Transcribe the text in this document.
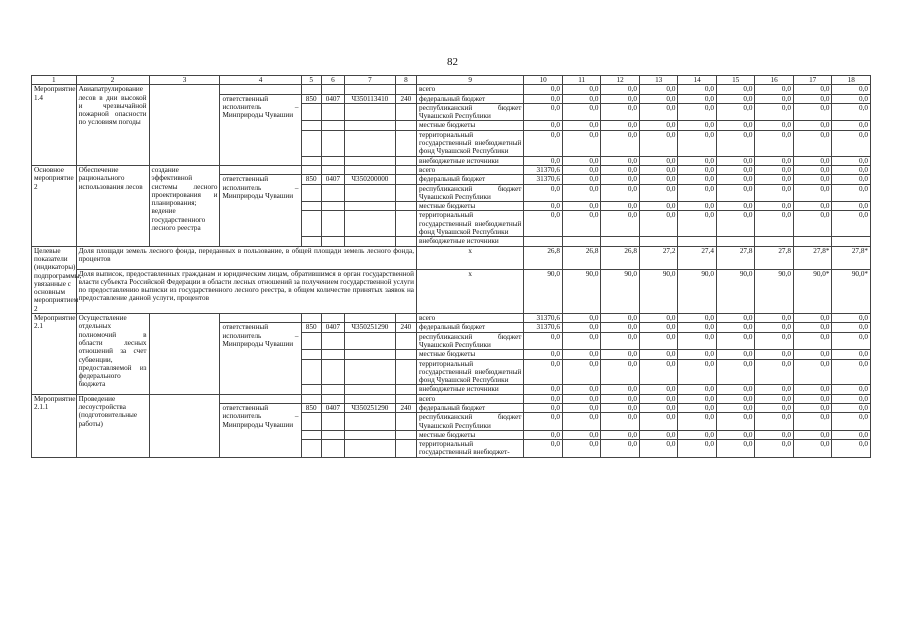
82
1	2	3	4	5	6	7	8	9	10	11	12	13	14	15	16	17	18
Мероприятие 1.4	Авиапатрулирование лесов в дни высокой и чрезвычайной пожарной опасности по условиям погоды							всего	0,0	0,0	0,0	0,0	0,0	0,0	0,0	0,0	0,0
			ответственный исполнитель – Минприроды Чувашии	850	0407	Ч350113410	240	федеральный бюджет	0,0	0,0	0,0	0,0	0,0	0,0	0,0	0,0	0,0
								республиканский бюджет Чувашской Республики	0,0	0,0	0,0	0,0	0,0	0,0	0,0	0,0	0,0
								местные бюджеты	0,0	0,0	0,0	0,0	0,0	0,0	0,0	0,0	0,0
								территориальный государственный внебюджетный фонд Чувашской Республики	0,0	0,0	0,0	0,0	0,0	0,0	0,0	0,0	0,0
								внебюджетные источники	0,0	0,0	0,0	0,0	0,0	0,0	0,0	0,0	0,0
Основное мероприятие 2	Обеспечение рационального использования лесов	создание эффективной системы лесного проектирования и планирования; ведение государственного лесного реестра						всего	31370,6	0,0	0,0	0,0	0,0	0,0	0,0	0,0	0,0
			ответственный исполнитель – Минприроды Чувашии	850	0407	Ч350200000		федеральный бюджет	31370,6	0,0	0,0	0,0	0,0	0,0	0,0	0,0	0,0
								республиканский бюджет Чувашской Республики	0,0	0,0	0,0	0,0	0,0	0,0	0,0	0,0	0,0
								местные бюджеты	0,0	0,0	0,0	0,0	0,0	0,0	0,0	0,0	0,0
								территориальный государственный внебюджетный фонд Чувашской Республики	0,0	0,0	0,0	0,0	0,0	0,0	0,0	0,0	0,0
								внебюджетные источники									
Целевые показатели (индикаторы) подпрограммы, увязанные с основным мероприятием 2	Доля площади земель лесного фонда, переданных в пользование, в общей площади земель лесного фонда, процентов							x	26,8	26,8	26,8	27,2	27,4	27,8	27,8	27,8*	27,8*
	Доля выписок, предоставленных гражданам и юридическим лицам, обратившимся в орган государственной власти субъекта Российской Федерации в области лесных отношений за получением государственной услуги по предоставлению выписки из государственного лесного реестра, в общем количестве принятых заявок на предоставление данной услуги, процентов							x	90,0	90,0	90,0	90,0	90,0	90,0	90,0	90,0*	90,0*
Мероприятие 2.1	Осуществление отдельных полномочий в области лесных отношений за счет субвенции, предоставляемой из федерального бюджета							всего	31370,6	0,0	0,0	0,0	0,0	0,0	0,0	0,0	0,0
			ответственный исполнитель – Минприроды Чувашии	850	0407	Ч350251290	240	федеральный бюджет	31370,6	0,0	0,0	0,0	0,0	0,0	0,0	0,0	0,0
								республиканский бюджет Чувашской Республики	0,0	0,0	0,0	0,0	0,0	0,0	0,0	0,0	0,0
								местные бюджеты	0,0	0,0	0,0	0,0	0,0	0,0	0,0	0,0	0,0
								территориальный государственный внебюджетный фонд Чувашской Республики	0,0	0,0	0,0	0,0	0,0	0,0	0,0	0,0	0,0
								внебюджетные источники	0,0	0,0	0,0	0,0	0,0	0,0	0,0	0,0	0,0
Мероприятие 2.1.1	Проведение лесоустройства (подготовительные работы)							всего	0,0	0,0	0,0	0,0	0,0	0,0	0,0	0,0	0,0
			ответственный исполнитель – Минприроды Чувашии	850	0407	Ч350251290	240	федеральный бюджет	0,0	0,0	0,0	0,0	0,0	0,0	0,0	0,0	0,0
								республиканский бюджет Чувашской Республики	0,0	0,0	0,0	0,0	0,0	0,0	0,0	0,0	0,0
								местные бюджеты	0,0	0,0	0,0	0,0	0,0	0,0	0,0	0,0	0,0
								территориальный государственный внебюджет-	0,0	0,0	0,0	0,0	0,0	0,0	0,0	0,0	0,0
